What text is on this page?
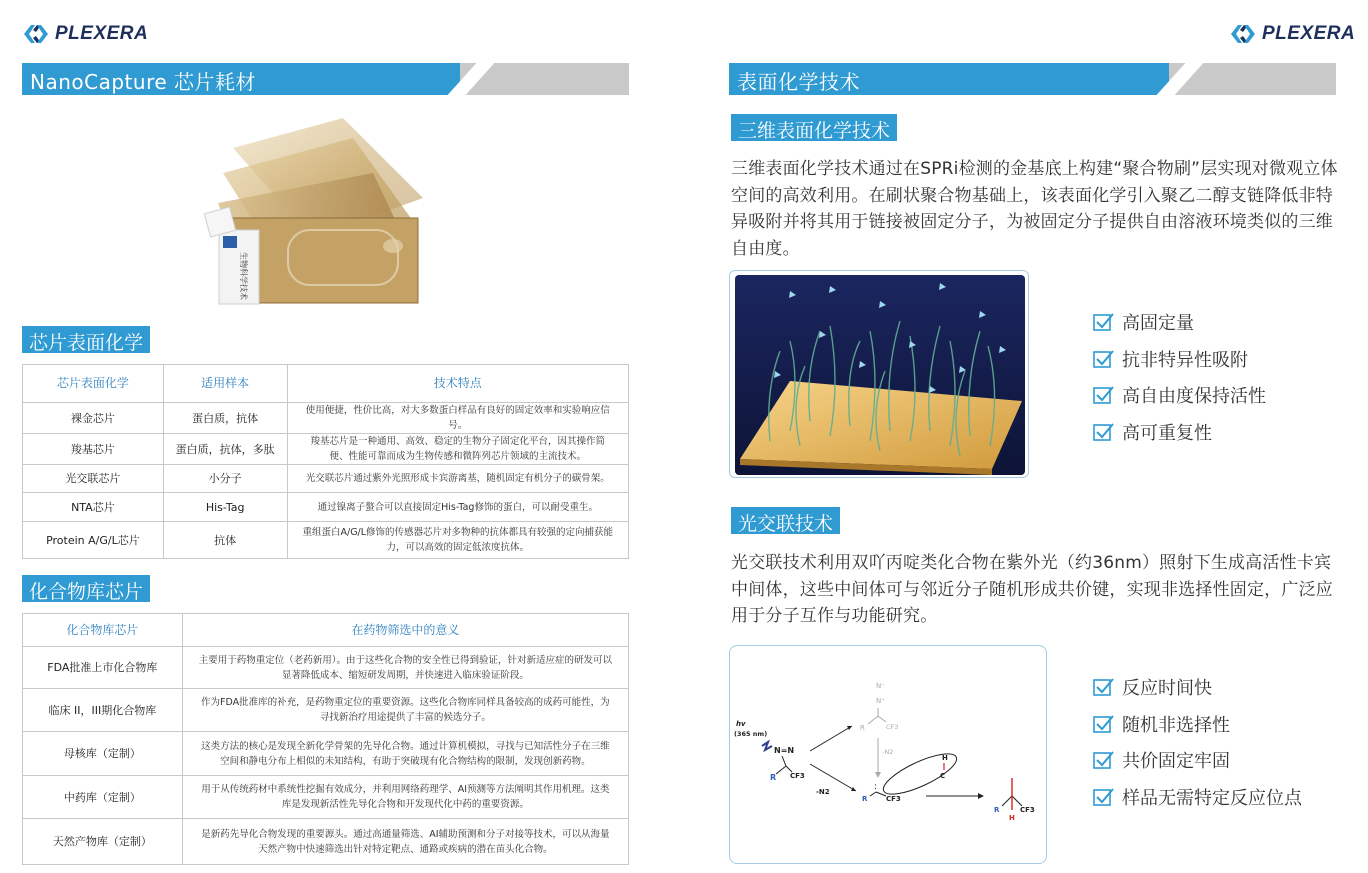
PLEXERA
NanoCapture 芯片耗材
生物科学技术
芯片表面化学
芯片表面化学	适用样本	技术特点
裸金芯片	蛋白质，抗体	使用便捷，性价比高，对大多数蛋白样品有良好的固定效率和实验响应信号。
羧基芯片	蛋白质，抗体，多肽	羧基芯片是一种通用、高效、稳定的生物分子固定化平台，因其操作简便、性能可靠而成为生物传感和微阵列芯片领域的主流技术。
光交联芯片	小分子	光交联芯片通过紫外光照形成卡宾游离基，随机固定有机分子的碳骨架。
NTA芯片	His-Tag	通过镍离子螯合可以直接固定His-Tag修饰的蛋白，可以耐受重生。
Protein A/G/L芯片	抗体	重组蛋白A/G/L修饰的传感器芯片对多物种的抗体都具有较强的定向捕获能力，可以高效的固定低浓度抗体。
化合物库芯片
化合物库芯片	在药物筛选中的意义
FDA批准上市化合物库	主要用于药物重定位（老药新用）。由于这些化合物的安全性已得到验证，针对新适应症的研发可以显著降低成本、缩短研发周期，并快速进入临床验证阶段。
临床 II，III期化合物库	作为FDA批准库的补充，是药物重定位的重要资源。这些化合物库同样具备较高的成药可能性，为寻找新治疗用途提供了丰富的候选分子。
母核库（定制）	这类方法的核心是发现全新化学骨架的先导化合物。通过计算机模拟，寻找与已知活性分子在三维空间和静电分布上相似的未知结构，有助于突破现有化合物结构的限制，发现创新药物。
中药库（定制）	用于从传统药材中系统性挖掘有效成分，并利用网络药理学、AI预测等方法阐明其作用机理。这类库是发现新活性先导化合物和开发现代化中药的重要资源。
天然产物库（定制）	是新药先导化合物发现的重要源头。通过高通量筛选、AI辅助预测和分子对接等技术，可以从海量天然产物中快速筛选出针对特定靶点、通路或疾病的潜在苗头化合物。
PLEXERA
表面化学技术
三维表面化学技术

三维表面化学技术通过在SPRi检测的金基底上构建“聚合物刷”层实现对微观立体空间的高效利用。在刷状聚合物基础上，该表面化学引入聚乙二醇支链降低非特异吸附并将其用于链接被固定分子，为被固定分子提供自由溶液环境类似的三维自由度。

高固定量
抗非特异性吸附
高自由度保持活性
高可重复性
光交联技术

光交联技术利用双吖丙啶类化合物在紫外光（约36nm）照射下生成高活性卡宾中间体，这些中间体可与邻近分子随机形成共价键，实现非选择性固定，广泛应用于分子互作与功能研究。

hv
(365 nm)
N=N
R CF3
-N2
N⁻
N⁺
R	CF3
-N2
:
R	CF3
H
C
R	CF3
H
反应时间快
随机非选择性
共价固定牢固
样品无需特定反应位点
